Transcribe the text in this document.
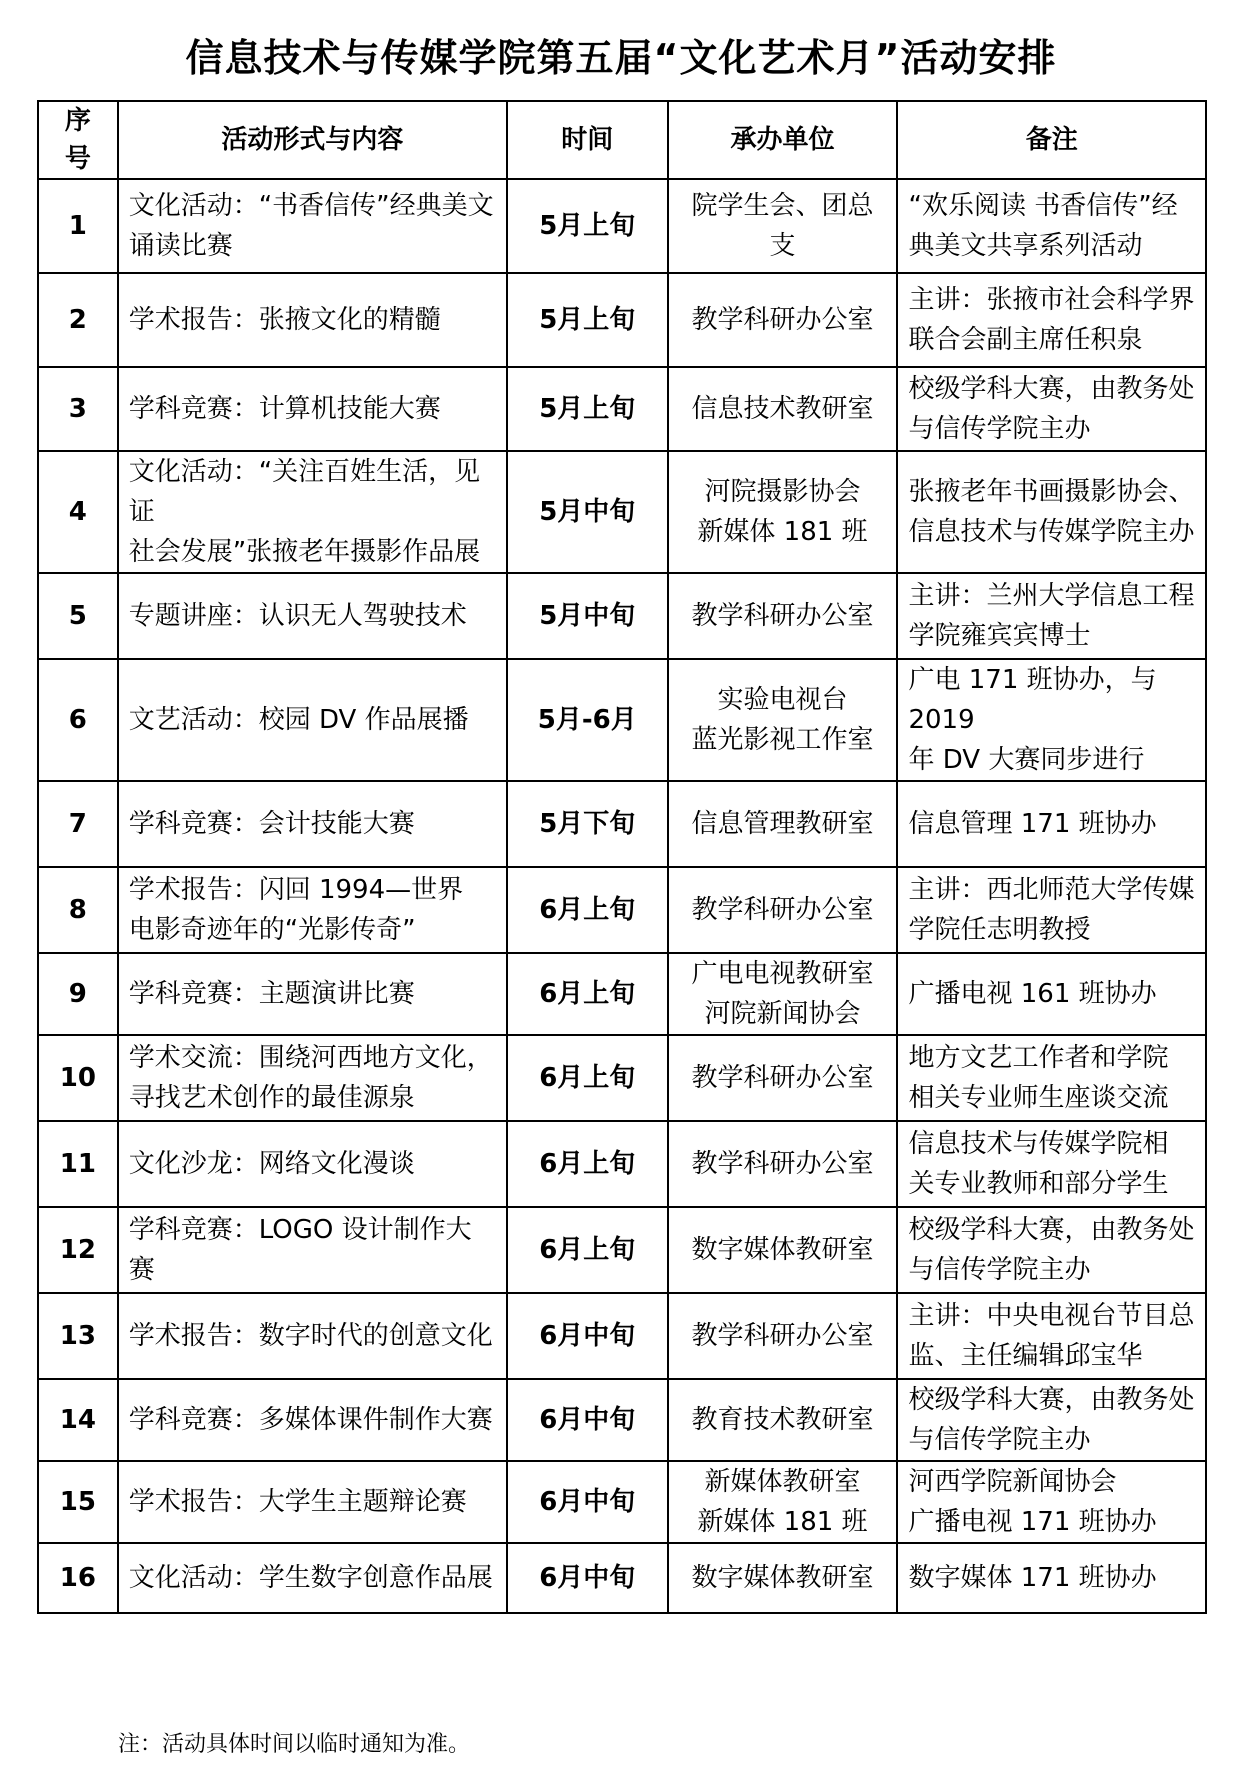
信息技术与传媒学院第五届“文化艺术月”活动安排
序
号	活动形式与内容	时间	承办单位	备注

1	文化活动：“书香信传”经典美文
诵读比赛	5月上旬	院学生会、团总支	“欢乐阅读 书香信传”经
典美文共享系列活动

2	学术报告：张掖文化的精髓	5月上旬	教学科研办公室	主讲：张掖市社会科学界
联合会副主席任积泉

3	学科竞赛：计算机技能大赛	5月上旬	信息技术教研室	校级学科大赛，由教务处
与信传学院主办

4	文化活动：“关注百姓生活，见证
社会发展”张掖老年摄影作品展	5月中旬	河院摄影协会
新媒体 181 班	张掖老年书画摄影协会、
信息技术与传媒学院主办

5	专题讲座：认识无人驾驶技术	5月中旬	教学科研办公室	主讲：兰州大学信息工程
学院雍宾宾博士

6	文艺活动：校园 DV 作品展播	5月-6月	实验电视台
蓝光影视工作室	广电 171 班协办，与 2019
年 DV 大赛同步进行

7	学科竞赛：会计技能大赛	5月下旬	信息管理教研室	信息管理 171 班协办

8	学术报告：闪回 1994—世界
电影奇迹年的“光影传奇”	6月上旬	教学科研办公室	主讲：西北师范大学传媒
学院任志明教授

9	学科竞赛：主题演讲比赛	6月上旬	广电电视教研室
河院新闻协会	广播电视 161 班协办

10	学术交流：围绕河西地方文化，
寻找艺术创作的最佳源泉	6月上旬	教学科研办公室	地方文艺工作者和学院
相关专业师生座谈交流

11	文化沙龙：网络文化漫谈	6月上旬	教学科研办公室	信息技术与传媒学院相
关专业教师和部分学生

12	学科竞赛：LOGO 设计制作大赛	6月上旬	数字媒体教研室	校级学科大赛，由教务处
与信传学院主办

13	学术报告：数字时代的创意文化	6月中旬	教学科研办公室	主讲：中央电视台节目总
监、主任编辑邱宝华

14	学科竞赛：多媒体课件制作大赛	6月中旬	教育技术教研室	校级学科大赛，由教务处
与信传学院主办

15	学术报告：大学生主题辩论赛	6月中旬	新媒体教研室
新媒体 181 班	河西学院新闻协会
广播电视 171 班协办

16	文化活动：学生数字创意作品展	6月中旬	数字媒体教研室	数字媒体 171 班协办
注：活动具体时间以临时通知为准。
